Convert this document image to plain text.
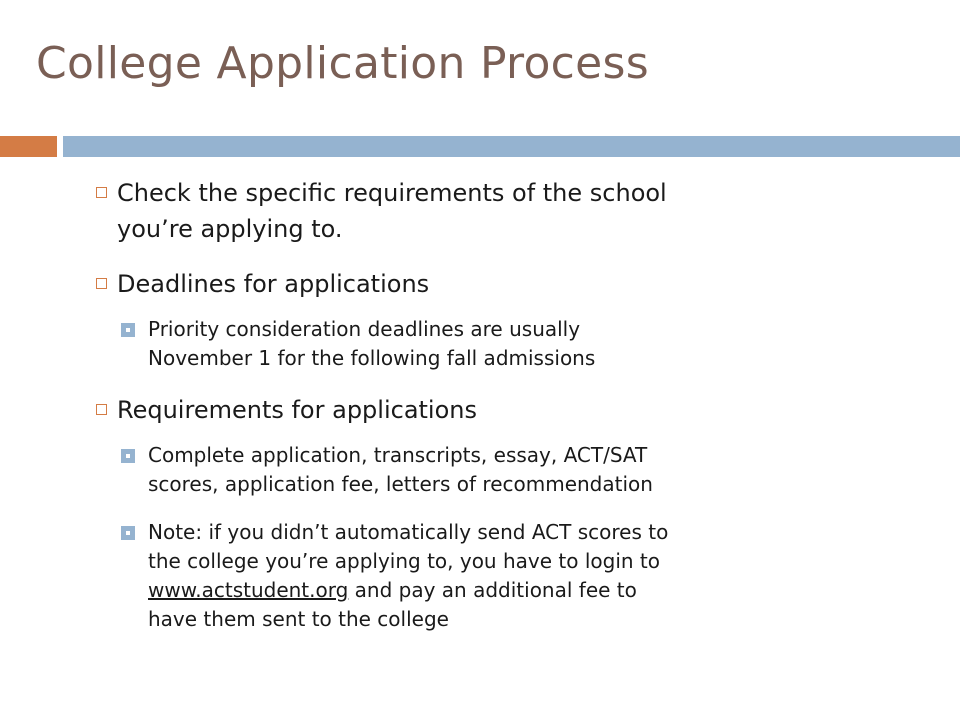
College Application Process
Check the specific requirements of the school
you’re applying to.
Deadlines for applications
Priority consideration deadlines are usually
November 1 for the following fall admissions
Requirements for applications
Complete application, transcripts, essay, ACT/SAT
scores, application fee, letters of recommendation
Note: if you didn’t automatically send ACT scores to
the college you’re applying to, you have to login to
www.actstudent.org and pay an additional fee to
have them sent to the college
